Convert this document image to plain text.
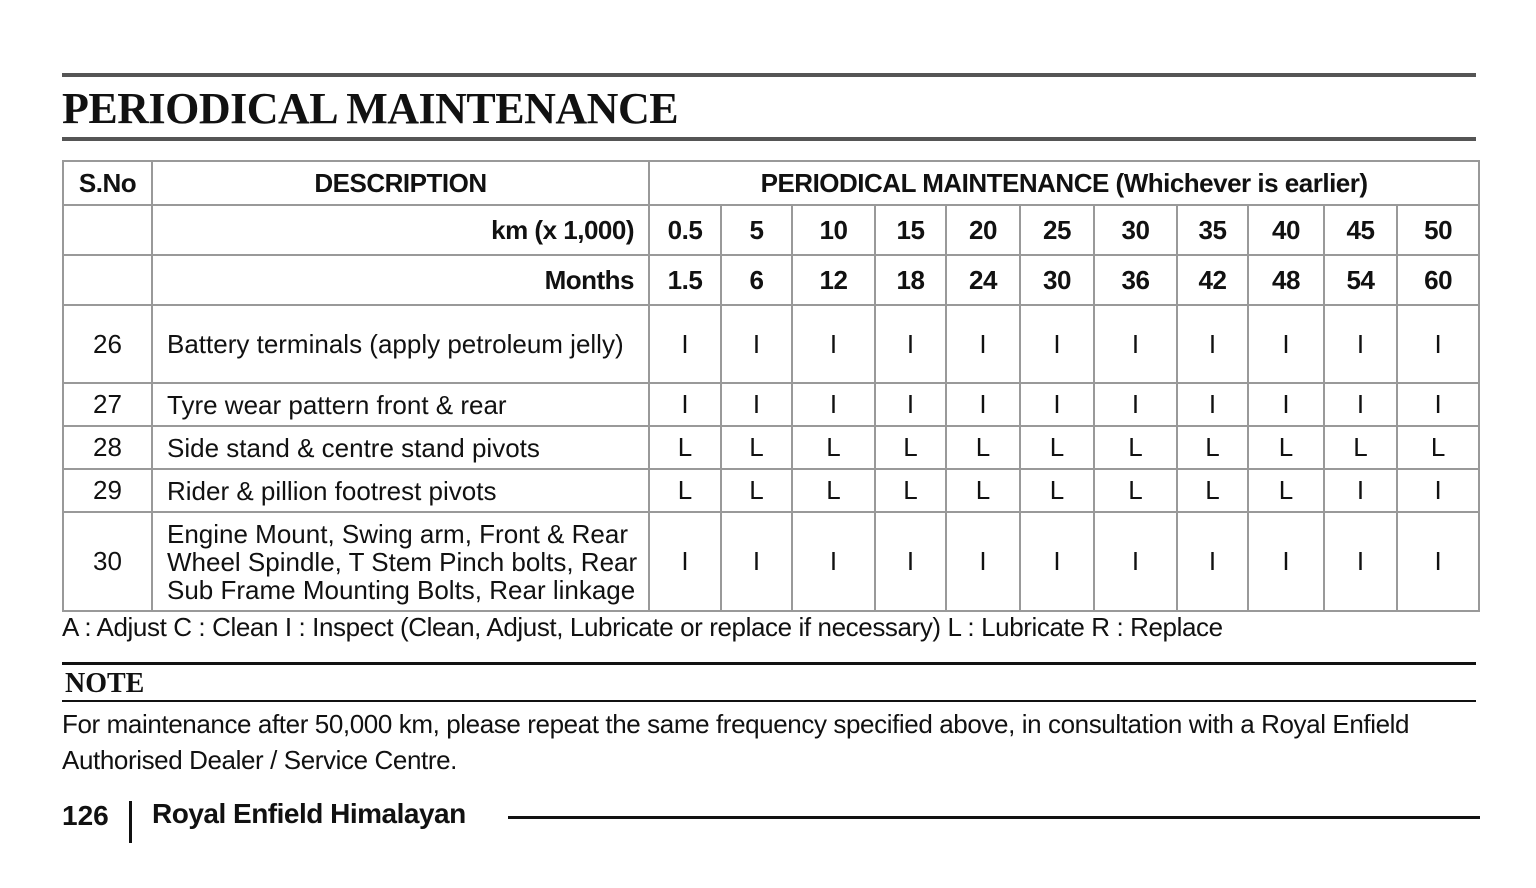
PERIODICAL MAINTENANCE
S.No	DESCRIPTION	PERIODICAL MAINTENANCE (Whichever is earlier)										
	km (x 1,000)	0.5	5	10	15	20	25	30	35	40	45	50
	Months	1.5	6	12	18	24	30	36	42	48	54	60
26	Battery terminals (apply petroleum jelly)	I	I	I	I	I	I	I	I	I	I	I
27	Tyre wear pattern front & rear	I	I	I	I	I	I	I	I	I	I	I
28	Side stand & centre stand pivots	L	L	L	L	L	L	L	L	L	L	L
29	Rider & pillion footrest pivots	L	L	L	L	L	L	L	L	L	I	I
30	Engine Mount, Swing arm, Front & Rear Wheel Spindle, T Stem Pinch bolts, Rear Sub Frame Mounting Bolts, Rear linkage	I	I	I	I	I	I	I	I	I	I	I
A : Adjust C : Clean I : Inspect (Clean, Adjust, Lubricate or replace if necessary) L : Lubricate R : Replace
NOTE
For maintenance after 50,000 km, please repeat the same frequency specified above, in consultation with a Royal Enfield Authorised Dealer / Service Centre.
126 Royal Enfield Himalayan
